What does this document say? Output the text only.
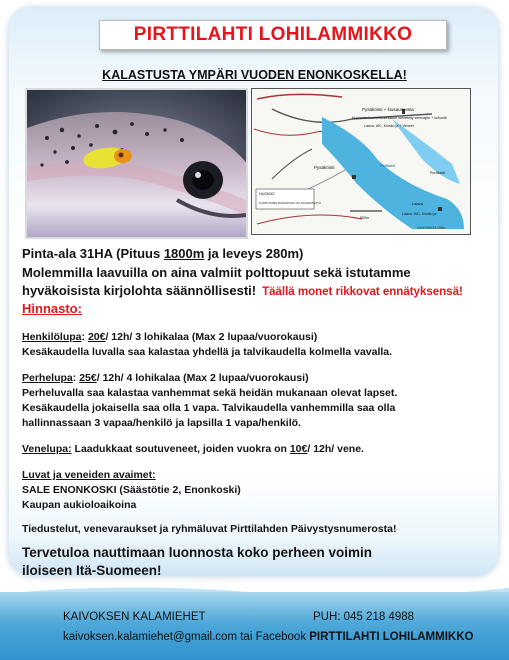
PIRTTILAHTI LOHILAMMIKKO
KALASTUSTA YMPÄRI VUODEN ENONKOSKELLA!
Pysäköinti + kiusauseesta
Huoneistohuoneistokesäkoti menetelty verenajite + loihuvät
Laava, WC, Kiosko ja + Veneet
Pysäköinti	Pirttilahti
Porttilahti
Laava, WC, Kiosko ja
Laava
HUOMIO
LUPATUSTEN RASTAPUOLI OK NAUHOITETTU
500m
SAHKRÄNTÄ 256m
Pinta-ala 31HA (Pituus 1800m ja leveys 280m)
Molemmilla laavuilla on aina valmiit polttopuut sekä istutamme
hyväkoisista kirjolohta säännöllisesti! Täällä monet rikkovat ennätyksensä!
Hinnasto:
Henkilölupa: 20€/ 12h/ 3 lohikalaa (Max 2 lupaa/vuorokausi)
Kesäkaudella luvalla saa kalastaa yhdellä ja talvikaudella kolmella vavalla.
Perhelupa: 25€/ 12h/ 4 lohikalaa (Max 2 lupaa/vuorokausi)
Perheluvalla saa kalastaa vanhemmat sekä heidän mukanaan olevat lapset.
Kesäkaudella jokaisella saa olla 1 vapa. Talvikaudella vanhemmilla saa olla
hallinnassaan 3 vapaa/henkilö ja lapsilla 1 vapa/henkilö.
Venelupa: Laadukkaat soutuveneet, joiden vuokra on 10€/ 12h/ vene.
Luvat ja veneiden avaimet:
SALE ENONKOSKI (Säästötie 2, Enonkoski)
Kaupan aukioloaikoina
Tiedustelut, venevaraukset ja ryhmäluvat Pirttilahden Päivystysnumerosta!
Tervetuloa nauttimaan luonnosta koko perheen voimin
iloiseen Itä-Suomeen!
KAIVOKSEN KALAMIEHET	PUH: 045 218 4988
kaivoksen.kalamiehet@gmail.com tai Facebook PIRTTILAHTI LOHILAMMIKKO
